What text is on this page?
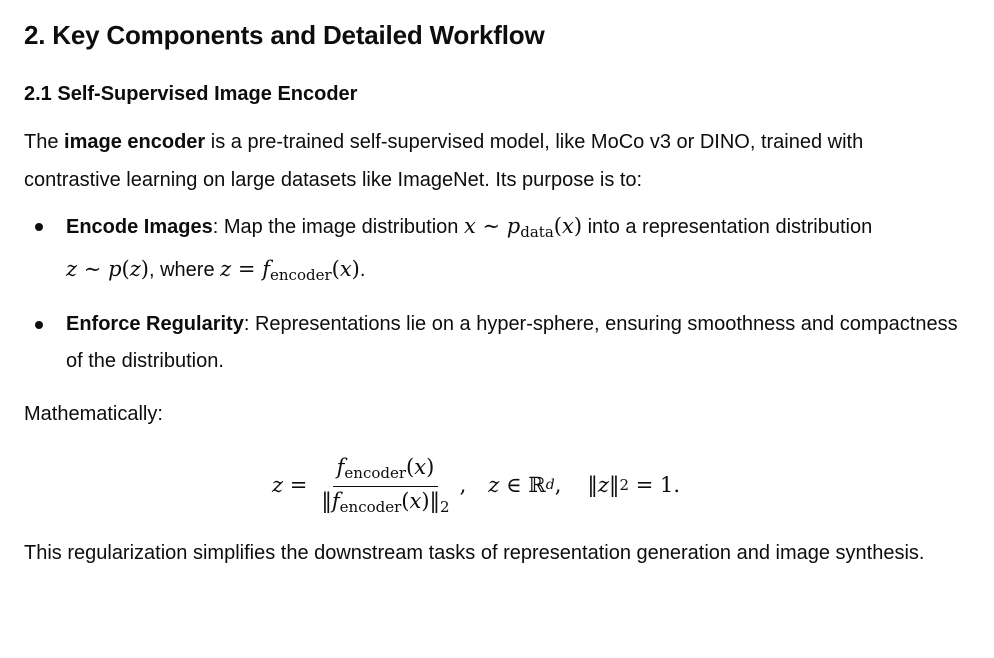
2. Key Components and Detailed Workflow
2.1 Self-Supervised Image Encoder

The image encoder is a pre-trained self-supervised model, like MoCo v3 or DINO, trained with contrastive learning on large datasets like ImageNet. Its purpose is to:

Encode Images: Map the image distribution x ∼ $p_{data}(x)$ into a representation distribution
z ∼ p(z), where $z = f_{encoder}(x)$.
Enforce Regularity: Representations lie on a hyper-sphere, ensuring smoothness and compactness of the distribution.

Mathematically:

z
= $\frac{f_{encoder}(x)}{‖f_{encoder}(x)‖_2}$ , z
∈
ℝ d , ‖ z ‖ 2
=
1.

This regularization simplifies the downstream tasks of representation generation and image synthesis.
